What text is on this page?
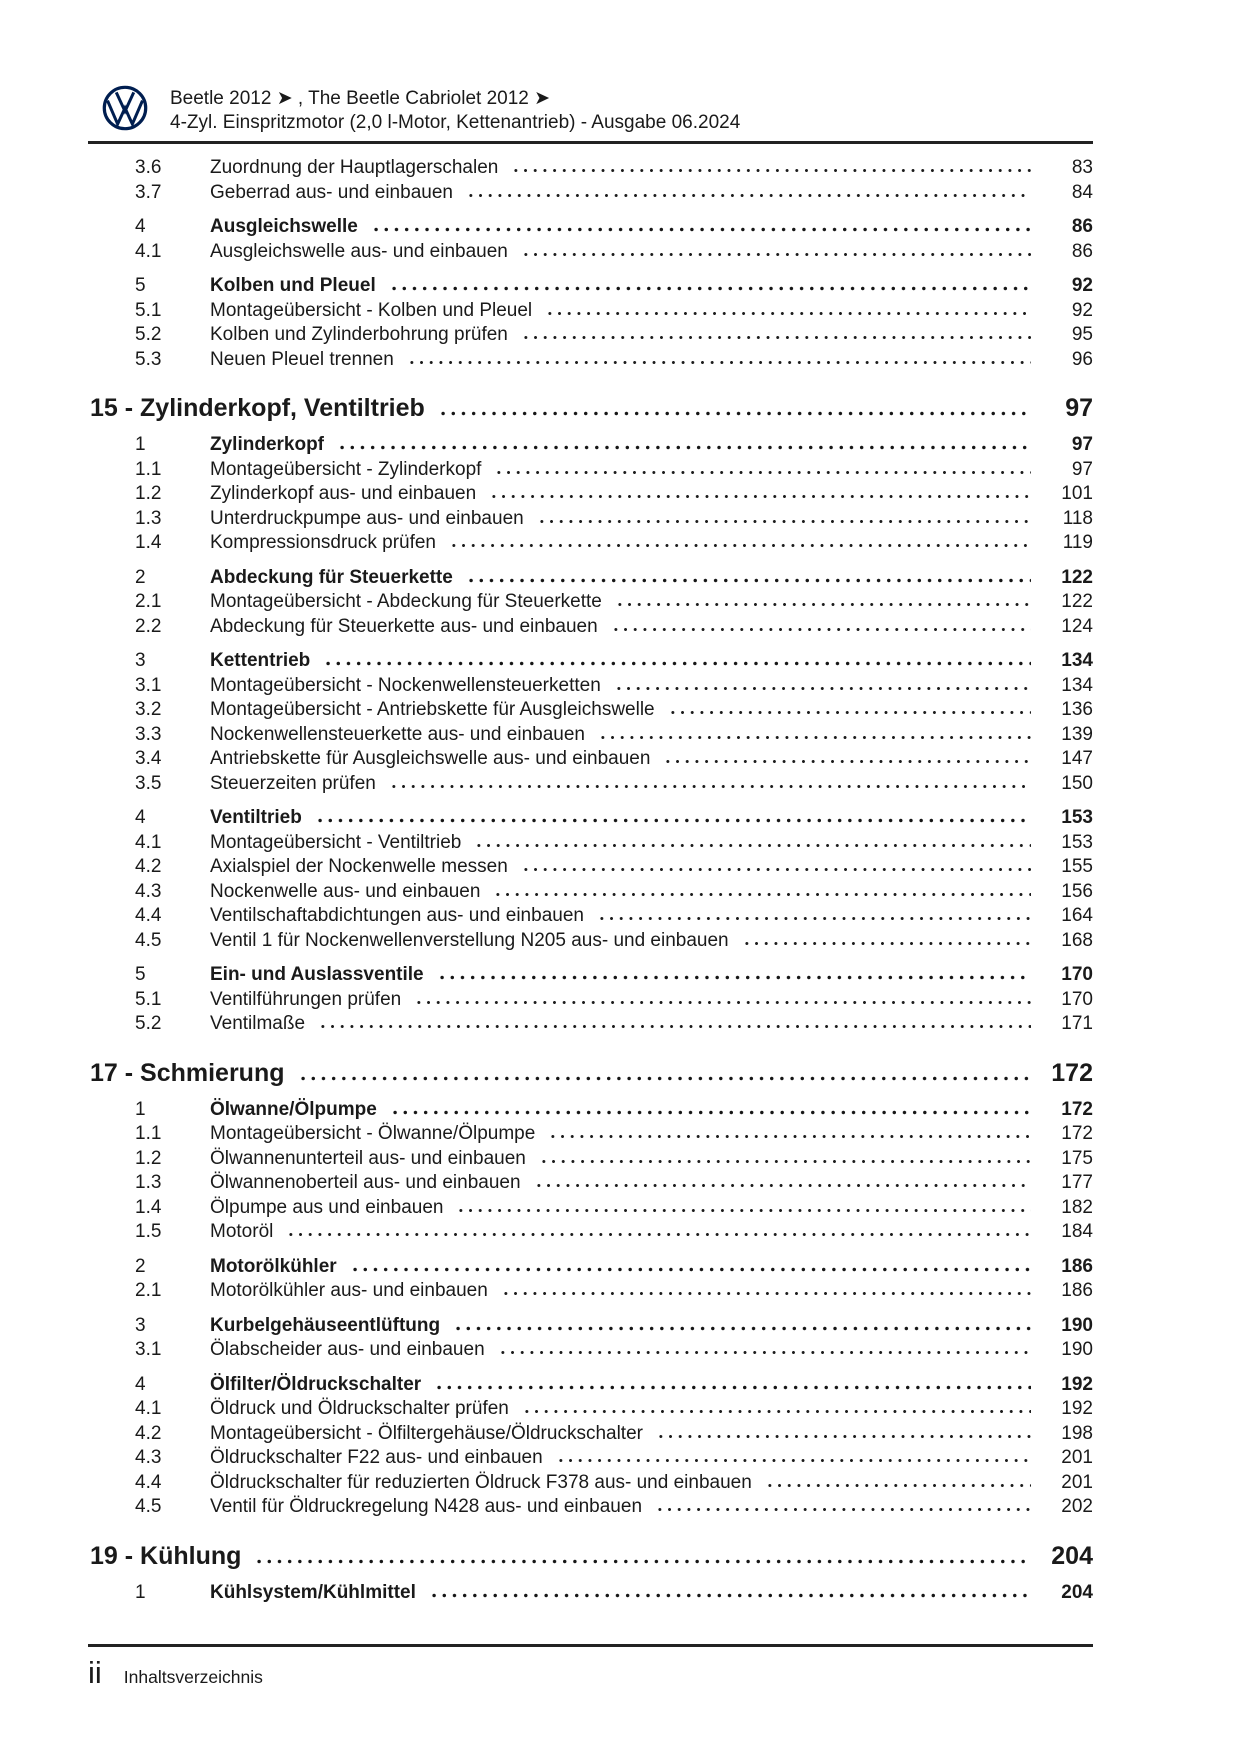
Beetle 2012 ➤ , The Beetle Cabriolet 2012 ➤
4-Zyl. Einspritzmotor (2,0 l-Motor, Kettenantrieb) - Ausgabe 06.2024
3.6	Zuordnung der Hauptlagerschalen	83
3.7	Geberrad aus- und einbauen	84
4	Ausgleichswelle	86
4.1	Ausgleichswelle aus- und einbauen	86
5	Kolben und Pleuel	92
5.1	Montageübersicht - Kolben und Pleuel	92
5.2	Kolben und Zylinderbohrung prüfen	95
5.3	Neuen Pleuel trennen	96
15 - Zylinderkopf, Ventiltrieb	97
1	Zylinderkopf	97
1.1	Montageübersicht - Zylinderkopf	97
1.2	Zylinderkopf aus- und einbauen	101
1.3	Unterdruckpumpe aus- und einbauen	118
1.4	Kompressionsdruck prüfen	119
2	Abdeckung für Steuerkette	122
2.1	Montageübersicht - Abdeckung für Steuerkette	122
2.2	Abdeckung für Steuerkette aus- und einbauen	124
3	Kettentrieb	134
3.1	Montageübersicht - Nockenwellensteuerketten	134
3.2	Montageübersicht - Antriebskette für Ausgleichswelle	136
3.3	Nockenwellensteuerkette aus- und einbauen	139
3.4	Antriebskette für Ausgleichswelle aus- und einbauen	147
3.5	Steuerzeiten prüfen	150
4	Ventiltrieb	153
4.1	Montageübersicht - Ventiltrieb	153
4.2	Axialspiel der Nockenwelle messen	155
4.3	Nockenwelle aus- und einbauen	156
4.4	Ventilschaftabdichtungen aus- und einbauen	164
4.5	Ventil 1 für Nockenwellenverstellung N205 aus- und einbauen	168
5	Ein- und Auslassventile	170
5.1	Ventilführungen prüfen	170
5.2	Ventilmaße	171
17 - Schmierung	172
1	Ölwanne/Ölpumpe	172
1.1	Montageübersicht - Ölwanne/Ölpumpe	172
1.2	Ölwannenunterteil aus- und einbauen	175
1.3	Ölwannenoberteil aus- und einbauen	177
1.4	Ölpumpe aus und einbauen	182
1.5	Motoröl	184
2	Motorölkühler	186
2.1	Motorölkühler aus- und einbauen	186
3	Kurbelgehäuseentlüftung	190
3.1	Ölabscheider aus- und einbauen	190
4	Ölfilter/Öldruckschalter	192
4.1	Öldruck und Öldruckschalter prüfen	192
4.2	Montageübersicht - Ölfiltergehäuse/Öldruckschalter	198
4.3	Öldruckschalter F22 aus- und einbauen	201
4.4	Öldruckschalter für reduzierten Öldruck F378 aus- und einbauen	201
4.5	Ventil für Öldruckregelung N428 aus- und einbauen	202
19 - Kühlung	204
1	Kühlsystem/Kühlmittel	204
ii Inhaltsverzeichnis
